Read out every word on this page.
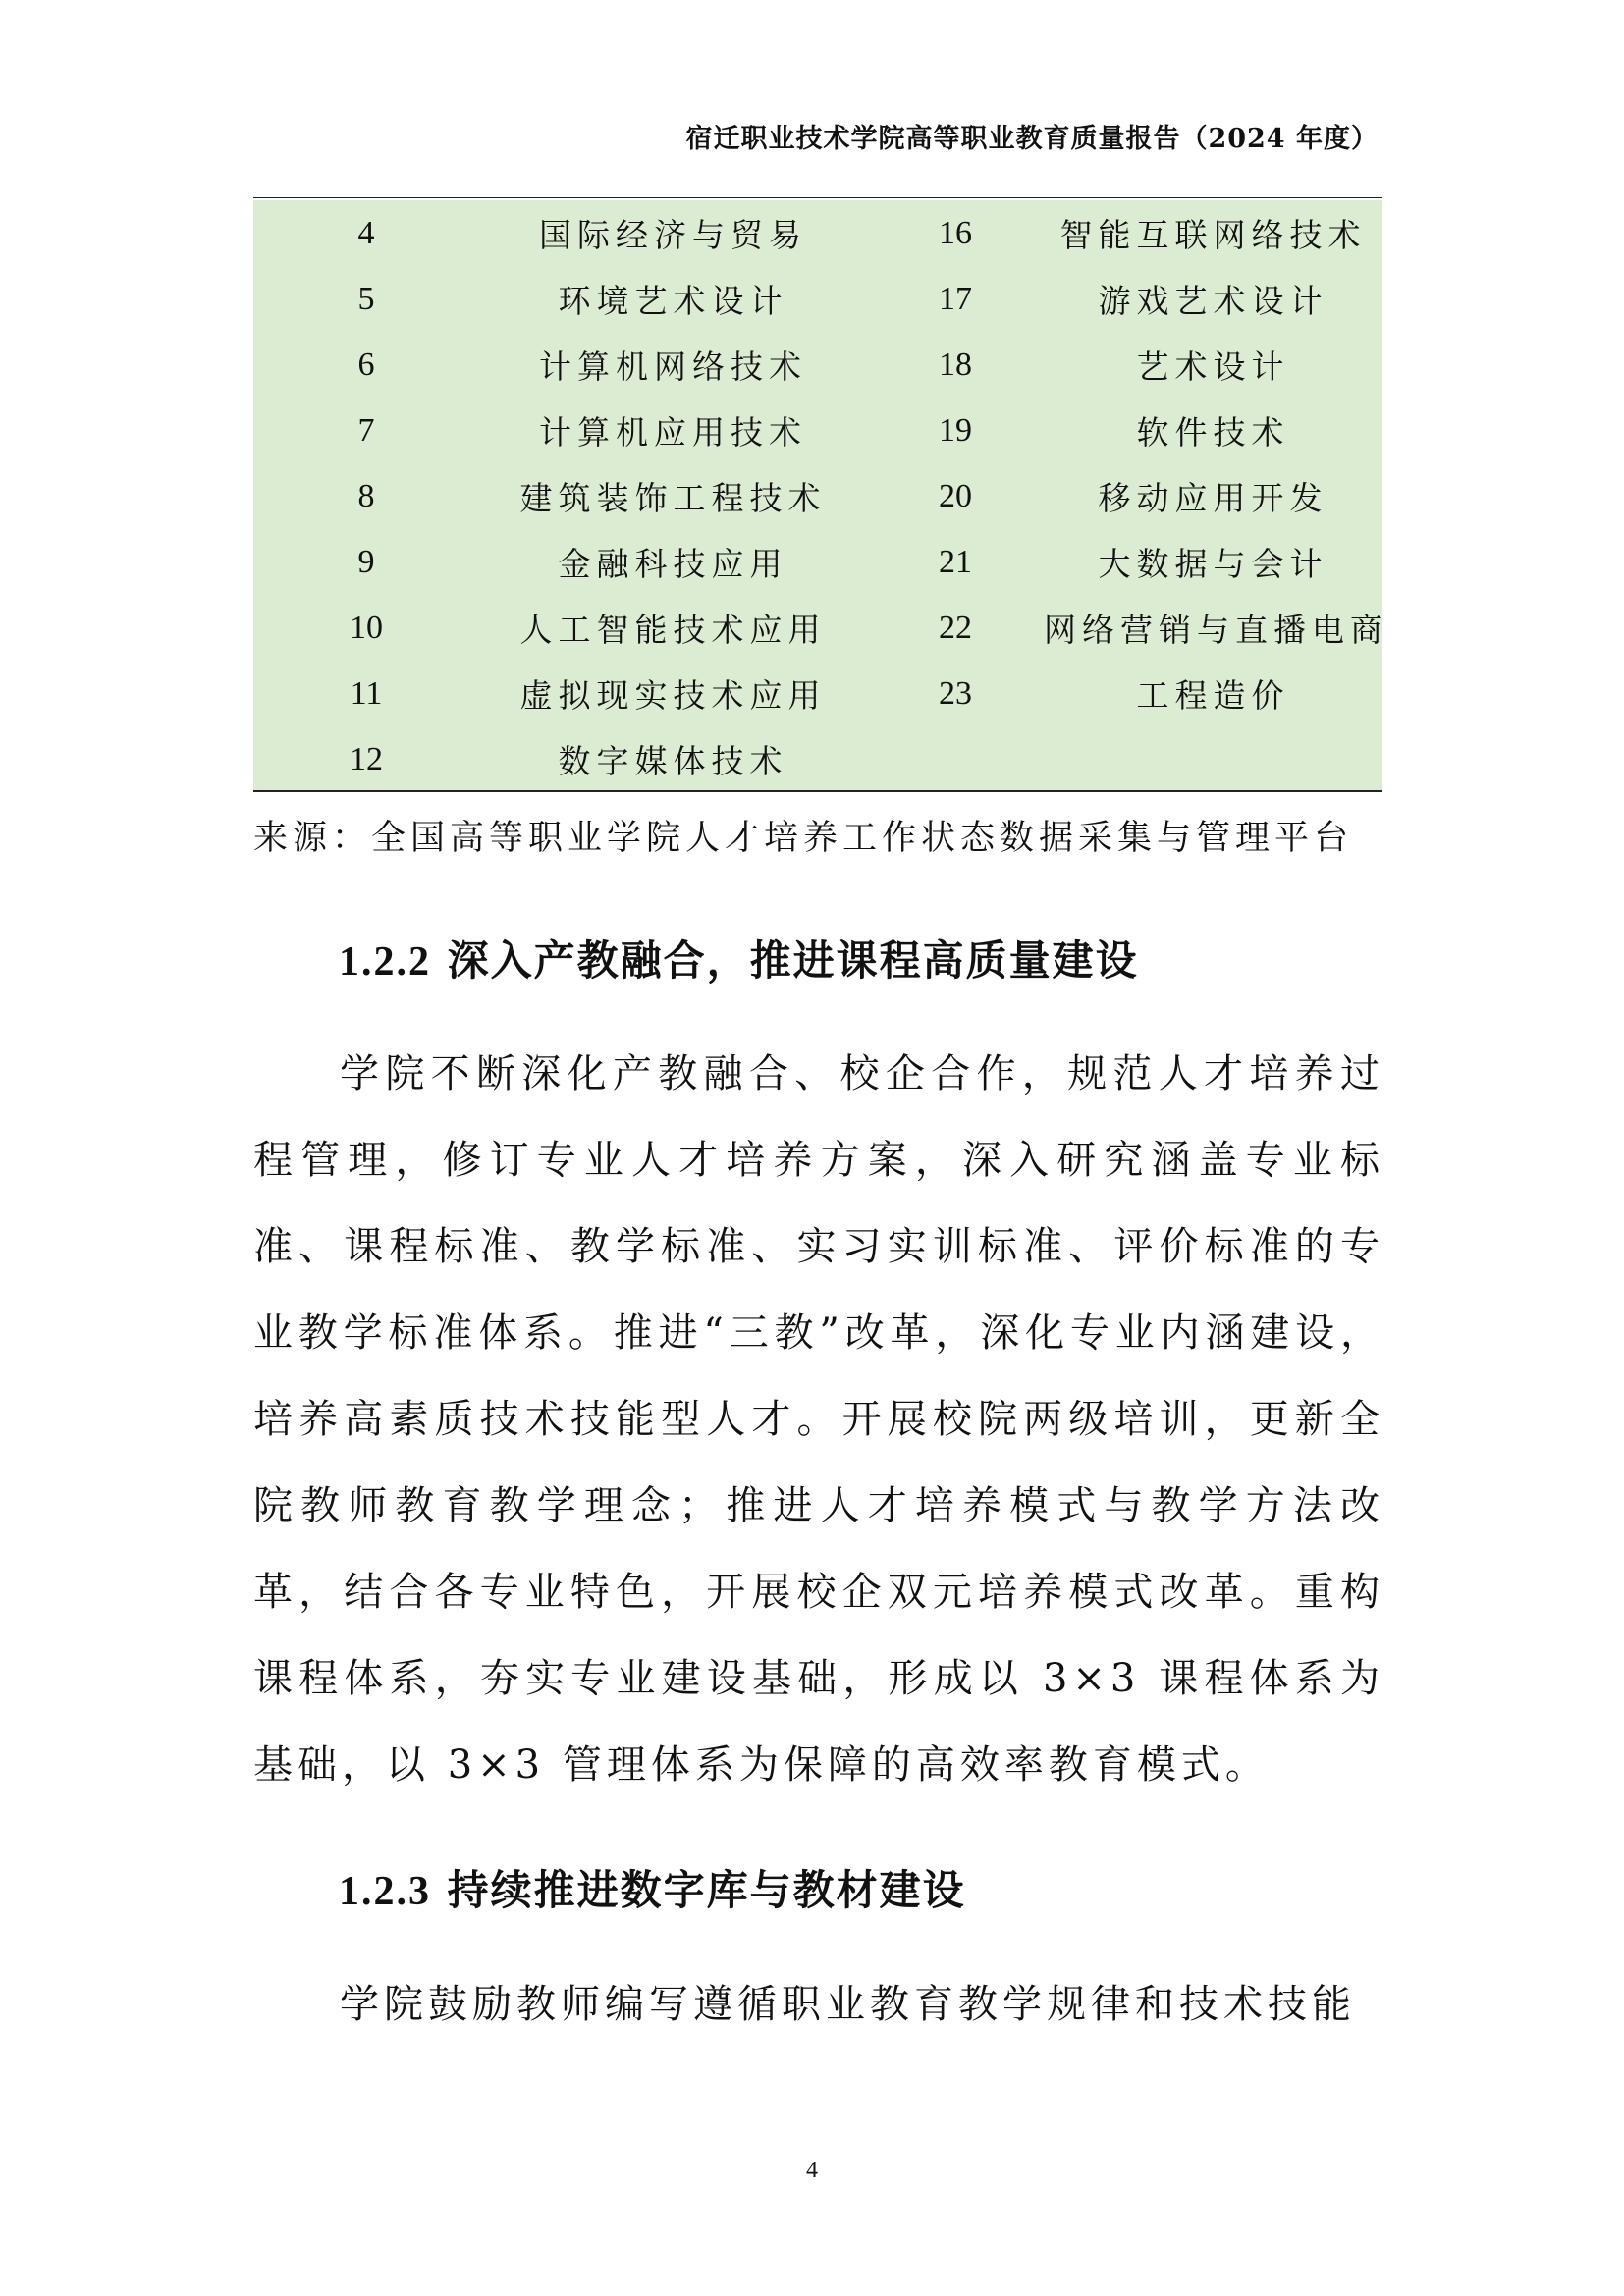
宿迁职业技术学院高等职业教育质量报告（2024 年度）
4	国际经济与贸易	16	智能互联网络技术
5	环境艺术设计	17	游戏艺术设计
6	计算机网络技术	18	艺术设计
7	计算机应用技术	19	软件技术
8	建筑装饰工程技术	20	移动应用开发
9	金融科技应用	21	大数据与会计
10	人工智能技术应用	22	网络营销与直播电商
11	虚拟现实技术应用	23	工程造价
12	数字媒体技术		
来源：全国高等职业学院人才培养工作状态数据采集与管理平台
1.2.2 深入产教融合，推进课程高质量建设
学院不断深化产教融合、校企合作，规范人才培养过程管理，修订专业人才培养方案，深入研究涵盖专业标准、课程标准、教学标准、实习实训标准、评价标准的专业教学标准体系。推进“三教”改革，深化专业内涵建设，培养高素质技术技能型人才。开展校院两级培训，更新全院教师教育教学理念；推进人才培养模式与教学方法改革，结合各专业特色，开展校企双元培养模式改革。重构课程体系，夯实专业建设基础，形成以 3×3 课程体系为基础，以 3×3 管理体系为保障的高效率教育模式。
1.2.3 持续推进数字库与教材建设
学院鼓励教师编写遵循职业教育教学规律和技术技能
4
